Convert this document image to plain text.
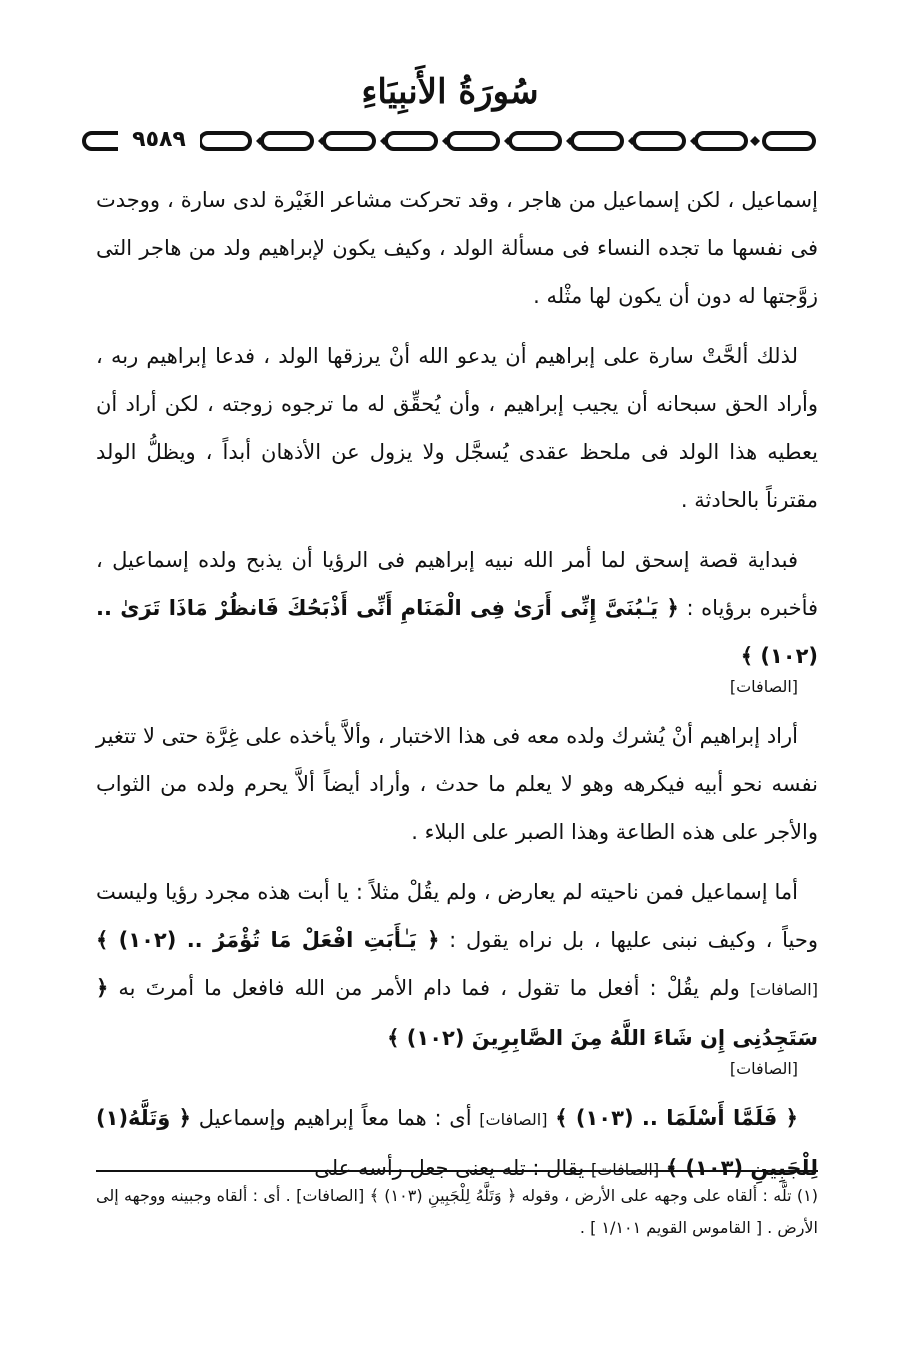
سُورَةُ الأَنبِيَاءِ
٩٥٨٩

إسماعيل ، لكن إسماعيل من هاجر ، وقد تحركت مشاعر الغَيْرة لدى سارة ، ووجدت فى نفسها ما تجده النساء فى مسألة الولد ، وكيف يكون لإبراهيم ولد من هاجر التى زوَّجتها له دون أن يكون لها مثْله .

لذلك ألحَّتْ سارة على إبراهيم أن يدعو الله أنْ يرزقها الولد ، فدعا إبراهيم ربه ، وأراد الحق سبحانه أن يجيب إبراهيم ، وأن يُحقِّق له ما ترجوه زوجته ، لكن أراد أن يعطيه هذا الولد فى ملحظ عقدى يُسجَّل ولا يزول عن الأذهان أبداً ، ويظلُّ الولد مقترناً بالحادثة .

فبداية قصة إسحق لما أمر الله نبيه إبراهيم فى الرؤيا أن يذبح ولده إسماعيل ، فأخبره برؤياه : ﴿ يَـٰبُنَىَّ إِنِّى أَرَىٰ فِى الْمَنَامِ أَنِّى أَذْبَحُكَ فَانظُرْ مَاذَا تَرَىٰ .. (١٠٢) ﴾
[الصافات]

أراد إبراهيم أنْ يُشرك ولده معه فى هذا الاختبار ، وألاَّ يأخذه على غِرَّة حتى لا تتغير نفسه نحو أبيه فيكرهه وهو لا يعلم ما حدث ، وأراد أيضاً ألاَّ يحرم ولده من الثواب والأجر على هذه الطاعة وهذا الصبر على البلاء .

أما إسماعيل فمن ناحيته لم يعارض ، ولم يقُلْ مثلاً : يا أبت هذه مجرد رؤيا وليست وحياً ، وكيف نبنى عليها ، بل نراه يقول : ﴿ يَـٰأَبَتِ افْعَلْ مَا تُؤْمَرُ .. (١٠٢) ﴾ [الصافات] ولم يقُلْ : أفعل ما تقول ، فما دام الأمر من الله فافعل ما أمرتَ به ﴿ سَتَجِدُنِى إِن شَاءَ اللَّهُ مِنَ الصَّابِرِينَ (١٠٢) ﴾
[الصافات]

﴿ فَلَمَّا أَسْلَمَا .. (١٠٣) ﴾ [الصافات] أى : هما معاً إبراهيم وإسماعيل ﴿ وَتَلَّهُ(١) لِلْجَبِينِ (١٠٣) ﴾ [الصافات] يقال : تله يعنى جعل رأسه على

(١) تلَّه : ألقاه على وجهه على الأرض ، وقوله ﴿ وَتَلَّهُ لِلْجَبِينِ (١٠٣) ﴾ [الصافات] . أى : ألقاه وجبينه ووجهه إلى الأرض . [ القاموس القويم ١/١٠١ ] .
